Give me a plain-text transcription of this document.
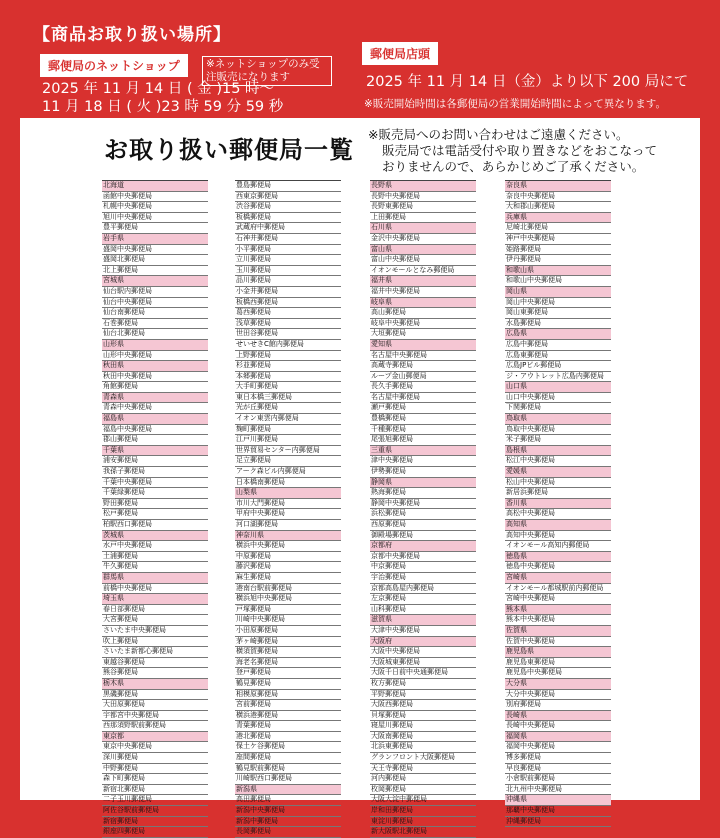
【商品お取り扱い場所】
郵便局のネットショップ	※ネットショップのみ受注販売になります
2025 年 11 月 14 日 ( 金 )15 時～
11 月 18 日 ( 火 )23 時 59 分 59 秒
郵便局店頭
2025 年 11 月 14 日（金）より以下 200 局にて
※販売開始時間は各郵便局の営業開始時間によって異なります。
お取り扱い郵便局一覧
※販売局へのお問い合わせはご遠慮ください。
販売局では電話受付や取り置きなどをおこなって
おりませんので、あらかじめご了承ください。
北海道
函館中央郵便局
札幌中央郵便局
旭川中央郵便局
豊平郵便局
岩手県
盛岡中央郵便局
盛岡北郵便局
北上郵便局
宮城県
仙台駅内郵便局
仙台中央郵便局
仙台南郵便局
石巻郵便局
仙台北郵便局
山形県
山形中央郵便局
秋田県
秋田中央郵便局
角館郵便局
青森県
青森中央郵便局
福島県
福島中央郵便局
郡山郵便局
千葉県
浦安郵便局
我孫子郵便局
千葉中央郵便局
千葉緑郵便局
野田郵便局
松戸郵便局
柏駅西口郵便局
茨城県
水戸中央郵便局
土浦郵便局
牛久郵便局
群馬県
前橋中央郵便局
埼玉県
春日部郵便局
大宮郵便局
さいたま中央郵便局
吹上郵便局
さいたま新都心郵便局
東越谷郵便局
熊谷郵便局
栃木県
黒磯郵便局
大田原郵便局
宇都宮中央郵便局
西那須野駅前郵便局
東京都
東京中央郵便局
深川郵便局
中野郵便局
森下町郵便局
新宿北郵便局
二子玉川郵便局
阿佐谷駅前郵便局
新宿郵便局
銀座四郵便局
豊島郵便局
西東京郵便局
渋谷郵便局
板橋郵便局
武蔵府中郵便局
石神井郵便局
小平郵便局
立川郵便局
玉川郵便局
品川郵便局
小金井郵便局
板橋西郵便局
葛西郵便局
浅草郵便局
世田谷郵便局
せいせきC館内郵便局
上野郵便局
杉並郵便局
本郷郵便局
大手町郵便局
東日本橋三郵便局
光が丘郵便局
イオン東雲内郵便局
麹町郵便局
江戸川郵便局
世界貿易センター内郵便局
足立郵便局
アーク森ビル内郵便局
日本橋南郵便局
山梨県
市川大門郵便局
甲府中央郵便局
河口湖郵便局
神奈川県
横浜中央郵便局
中原郵便局
藤沢郵便局
麻生郵便局
港南台駅前郵便局
横浜旭中央郵便局
戸塚郵便局
川崎中央郵便局
小田原郵便局
茅ヶ崎郵便局
横須賀郵便局
海老名郵便局
登戸郵便局
鶴見郵便局
相模原郵便局
宮前郵便局
横浜港郵便局
青葉郵便局
港北郵便局
保土ケ谷郵便局
座間郵便局
鶴見駅前郵便局
川崎駅西口郵便局
新潟県
高田郵便局
新潟中央郵便局
新潟中郵便局
長岡郵便局
長野県
長野中央郵便局
長野東郵便局
上田郵便局
石川県
金沢中央郵便局
富山県
富山中央郵便局
イオンモールとなみ郵便局
福井県
福井中央郵便局
岐阜県
高山郵便局
岐阜中央郵便局
大垣郵便局
愛知県
名古屋中央郵便局
高蔵寺郵便局
ループ金山郵便局
長久手郵便局
名古屋中郵便局
瀬戸郵便局
豊橋郵便局
千種郵便局
尾張旭郵便局
三重県
津中央郵便局
伊勢郵便局
静岡県
熱海郵便局
静岡中央郵便局
浜松郵便局
西原郵便局
御殿場郵便局
京都府
京都中央郵便局
中京郵便局
宇治郵便局
京都高島屋内郵便局
左京郵便局
山科郵便局
滋賀県
大津中央郵便局
大阪府
大阪中央郵便局
大阪城東郵便局
大阪千日前中央通郵便局
枚方郵便局
平野郵便局
大阪西郵便局
貝塚郵便局
寝屋川郵便局
大阪南郵便局
北浜東郵便局
グランフロント大阪郵便局
天王寺郵便局
河内郵便局
枚岡郵便局
大阪大淀中郵便局
岸和田郵便局
東淀川郵便局
新大阪駅北郵便局
奈良県
奈良中央郵便局
大和郡山郵便局
兵庫県
尼崎北郵便局
神戸中央郵便局
姫路郵便局
伊丹郵便局
和歌山県
和歌山中央郵便局
岡山県
岡山中央郵便局
岡山東郵便局
水島郵便局
広島県
広島中郵便局
広島東郵便局
広島JPビル郵便局
ジ・アウトレット広島内郵便局
山口県
山口中央郵便局
下関郵便局
鳥取県
鳥取中央郵便局
米子郵便局
島根県
松江中央郵便局
愛媛県
松山中央郵便局
新居浜郵便局
香川県
高松中央郵便局
高知県
高知中央郵便局
イオンモール高知内郵便局
徳島県
徳島中央郵便局
宮崎県
イオンモール都城駅前内郵便局
宮崎中央郵便局
熊本県
熊本中央郵便局
佐賀県
佐賀中央郵便局
鹿児島県
鹿児島東郵便局
鹿児島中央郵便局
大分県
大分中央郵便局
別府郵便局
長崎県
長崎中央郵便局
福岡県
福岡中央郵便局
博多郵便局
早良郵便局
小倉駅前郵便局
北九州中央郵便局
沖縄県
那覇中央郵便局
沖縄郵便局
